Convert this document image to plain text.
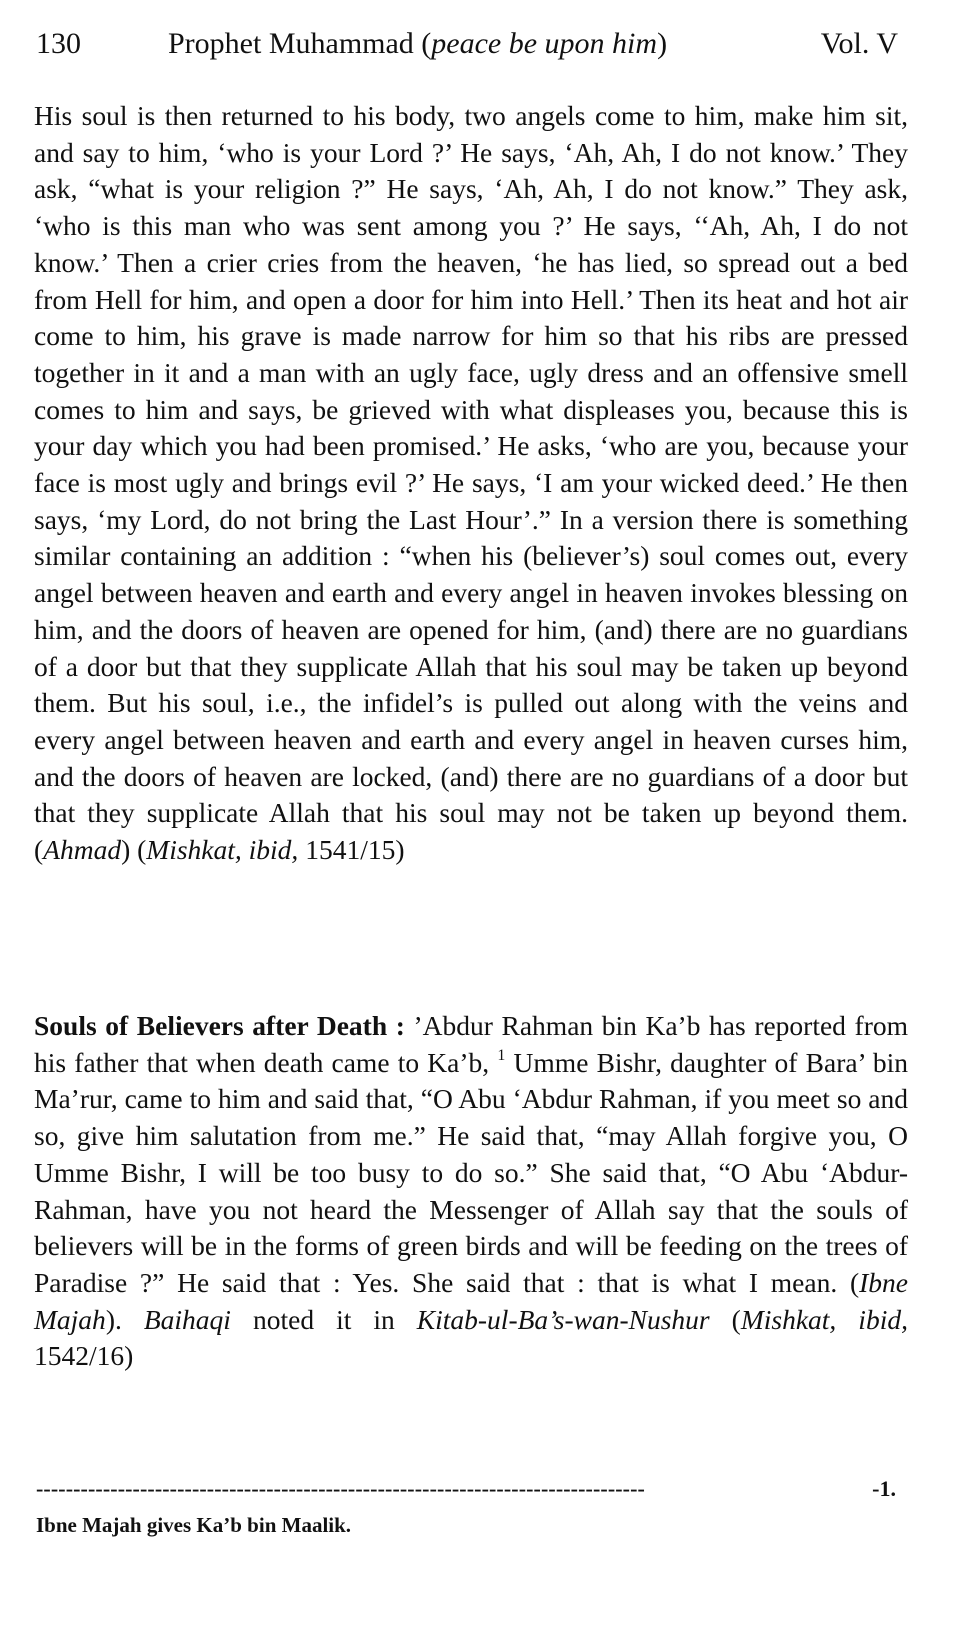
130	Prophet Muhammad (peace be upon him)	Vol. V

His soul is then returned to his body, two angels come to him, make him sit, and say to him, ‘who is your Lord ?’ He says, ‘Ah, Ah, I do not know.’ They ask, “what is your religion ?” He says, ‘Ah, Ah, I do not know.” They ask, ‘who is this man who was sent among you ?’ He says, ‘‘Ah, Ah, I do not know.’ Then a crier cries from the heaven, ‘he has lied, so spread out a bed from Hell for him, and open a door for him into Hell.’ Then its heat and hot air come to him, his grave is made narrow for him so that his ribs are pressed together in it and a man with an ugly face, ugly dress and an offensive smell comes to him and says, be grieved with what displeases you, because this is your day which you had been promised.’ He asks, ‘who are you, because your face is most ugly and brings evil ?’ He says, ‘I am your wicked deed.’ He then says, ‘my Lord, do not bring the Last Hour’.” In a version there is something similar containing an addition : “when his (believer’s) soul comes out, every angel between heaven and earth and every angel in heaven invokes blessing on him, and the doors of heaven are opened for him, (and) there are no guardians of a door but that they supplicate Allah that his soul may be taken up beyond them. But his soul, i.e., the infidel’s is pulled out along with the veins and every angel between heaven and earth and every angel in heaven curses him, and the doors of heaven are locked, (and) there are no guardians of a door but that they supplicate Allah that his soul may not be taken up beyond them. (Ahmad) (Mishkat, ibid, 1541/15)

Souls of Believers after Death : ’Abdur Rahman bin Ka’b has reported from his father that when death came to Ka’b, $^1$ Umme Bishr, daughter of Bara’ bin Ma’rur, came to him and said that, “O Abu ‘Abdur Rahman, if you meet so and so, give him salutation from me.” He said that, “may Allah forgive you, O Umme Bishr, I will be too busy to do so.” She said that, “O Abu ‘Abdur-Rahman, have you not heard the Messenger of Allah say that the souls of believers will be in the forms of green birds and will be feeding on the trees of Paradise ?” He said that : Yes. She said that : that is what I mean. (Ibne Majah). Baihaqi noted it in Kitab-ul-Ba’s-wan-Nushur (Mishkat, ibid, 1542/16)

----------------------------------------------------------------------------------	-1.
Ibne Majah gives Ka’b bin Maalik.
